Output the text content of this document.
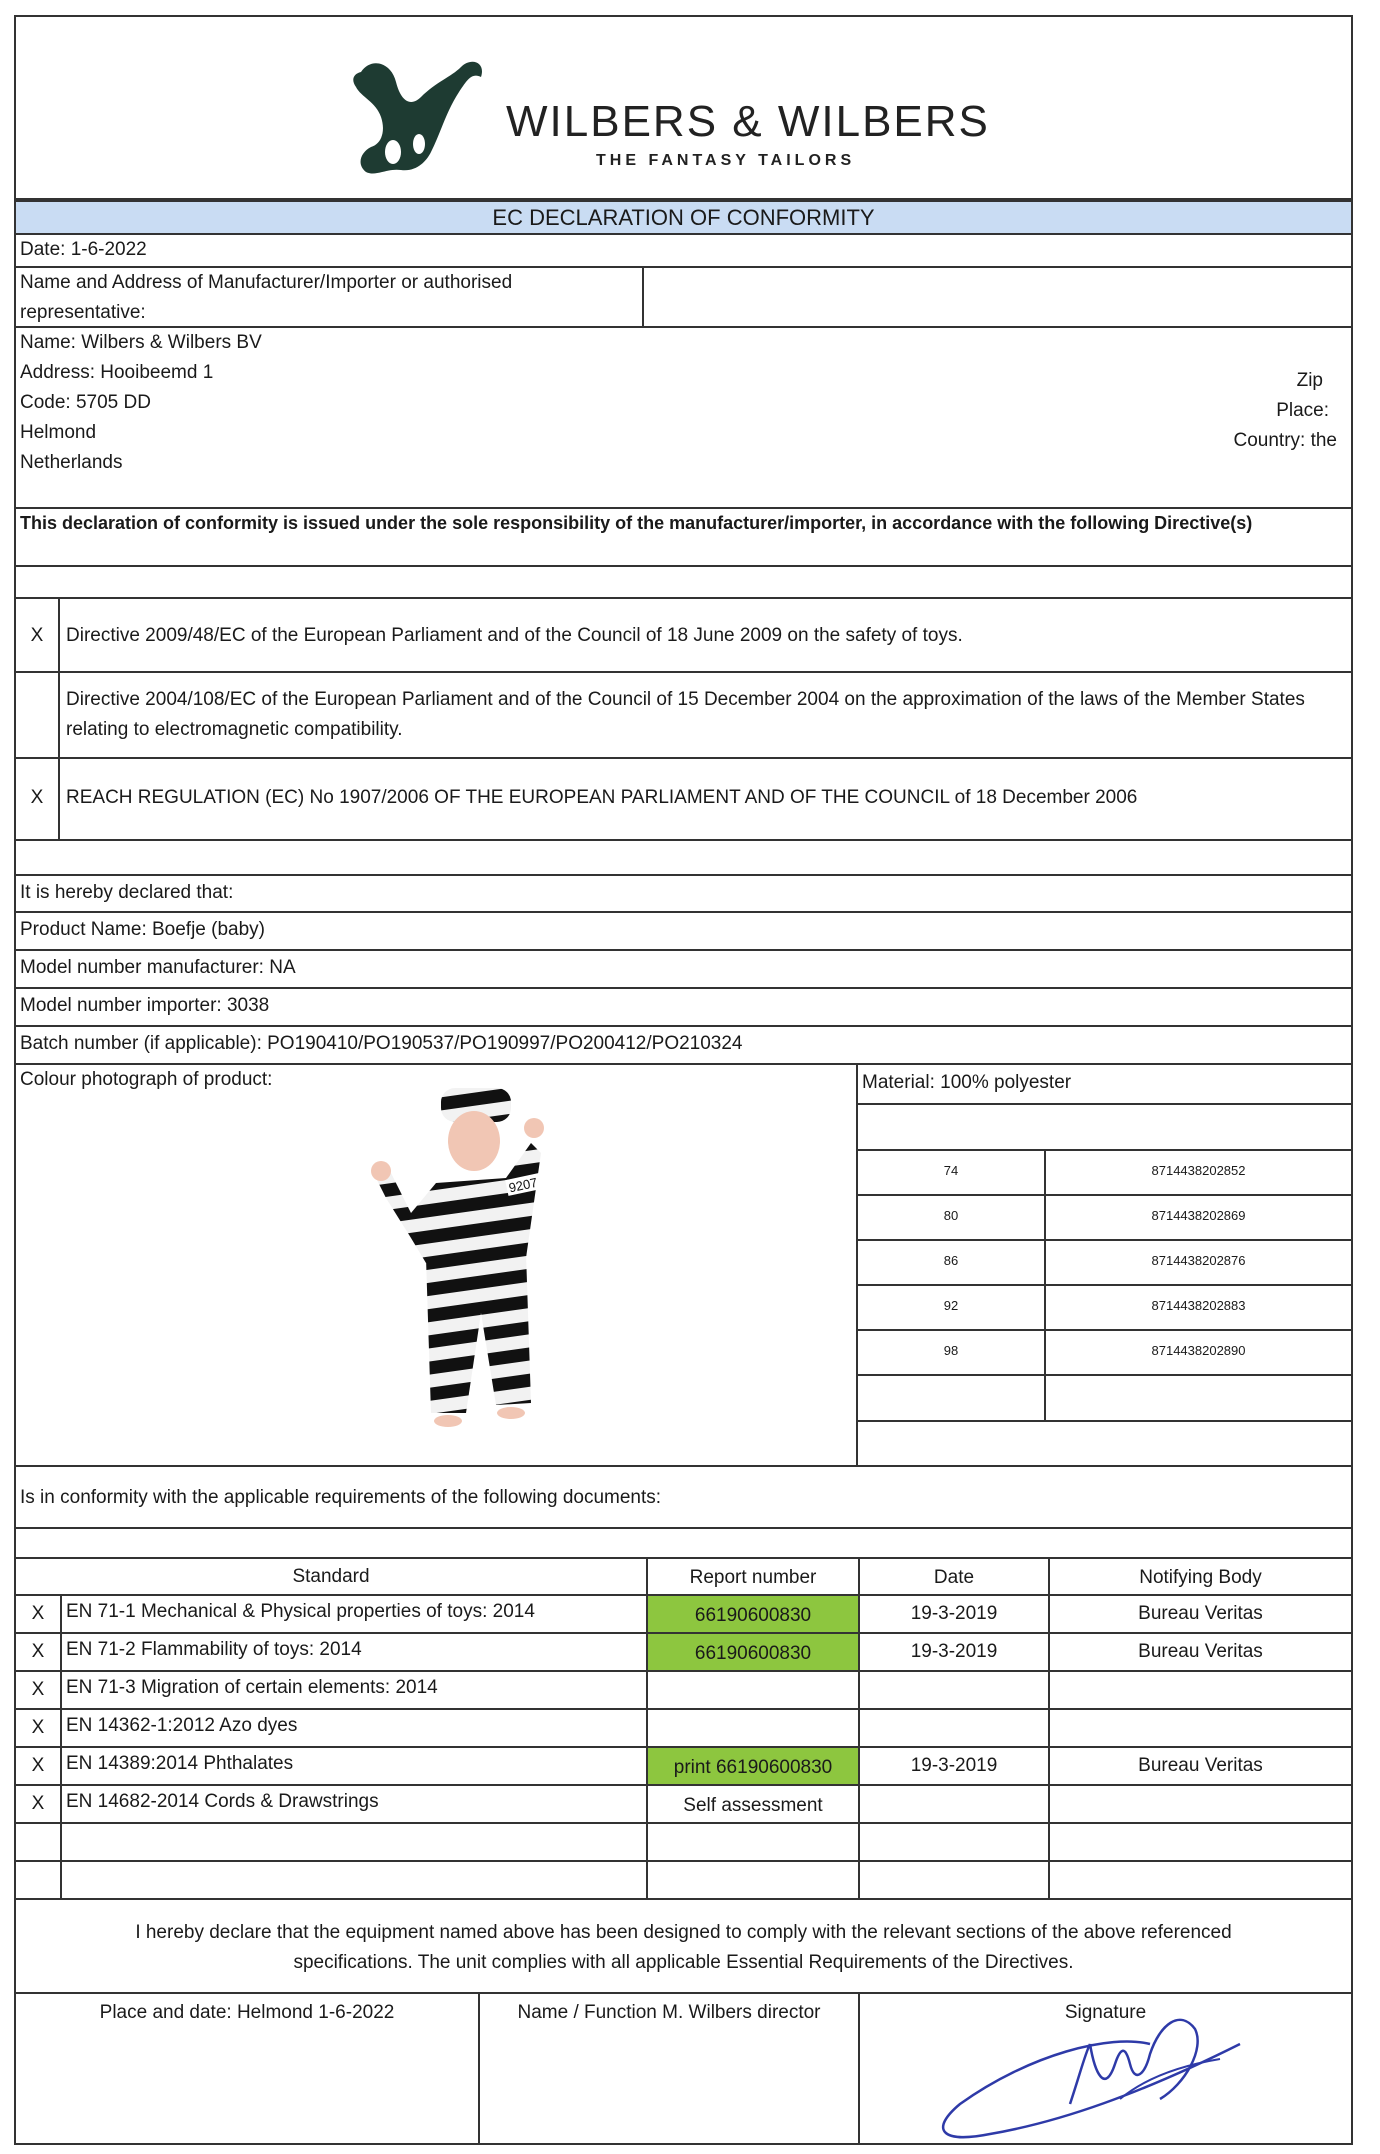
WILBERS & WILBERS
THE FANTASY TAILORS
EC DECLARATION OF CONFORMITY
Date: 1-6-2022
Name and Address of Manufacturer/Importer or authorised
representative:
Name: Wilbers & Wilbers BV
Address: Hooibeemd 1
Code: 5705 DD
Helmond
Netherlands
Zip
Place:
Country: the
This declaration of conformity is issued under the sole responsibility of the manufacturer/importer, in accordance with the following Directive(s)
X	Directive 2009/48/EC of the European Parliament and of the Council of 18 June 2009 on the safety of toys.
Directive 2004/108/EC of the European Parliament and of the Council of 15 December 2004 on the approximation of the laws of the Member States relating to electromagnetic compatibility.
X	REACH REGULATION (EC) No 1907/2006 OF THE EUROPEAN PARLIAMENT AND OF THE COUNCIL of 18 December 2006
It is hereby declared that:
Product Name: Boefje (baby)
Model number manufacturer: NA
Model number importer: 3038
Batch number (if applicable): PO190410/PO190537/PO190997/PO200412/PO210324
Colour photograph of product:
9207
Material: 100% polyester
74	8714438202852
80	8714438202869
86	8714438202876
92	8714438202883
98	8714438202890
Is in conformity with the applicable requirements of the following documents:
Standard	Report number	Date	Notifying Body
X	EN 71-1 Mechanical & Physical properties of toys: 2014	66190600830	19-3-2019	Bureau Veritas
X	EN 71-2 Flammability of toys: 2014	66190600830	19-3-2019	Bureau Veritas
X	EN 71-3 Migration of certain elements: 2014
X	EN 14362-1:2012 Azo dyes
X	EN 14389:2014 Phthalates	print 66190600830	19-3-2019	Bureau Veritas
X	EN 14682-2014 Cords & Drawstrings	Self assessment
I hereby declare that the equipment named above has been designed to comply with the relevant sections of the above referenced
specifications. The unit complies with all applicable Essential Requirements of the Directives.
Place and date: Helmond 1-6-2022	Name / Function M. Wilbers director	Signature
